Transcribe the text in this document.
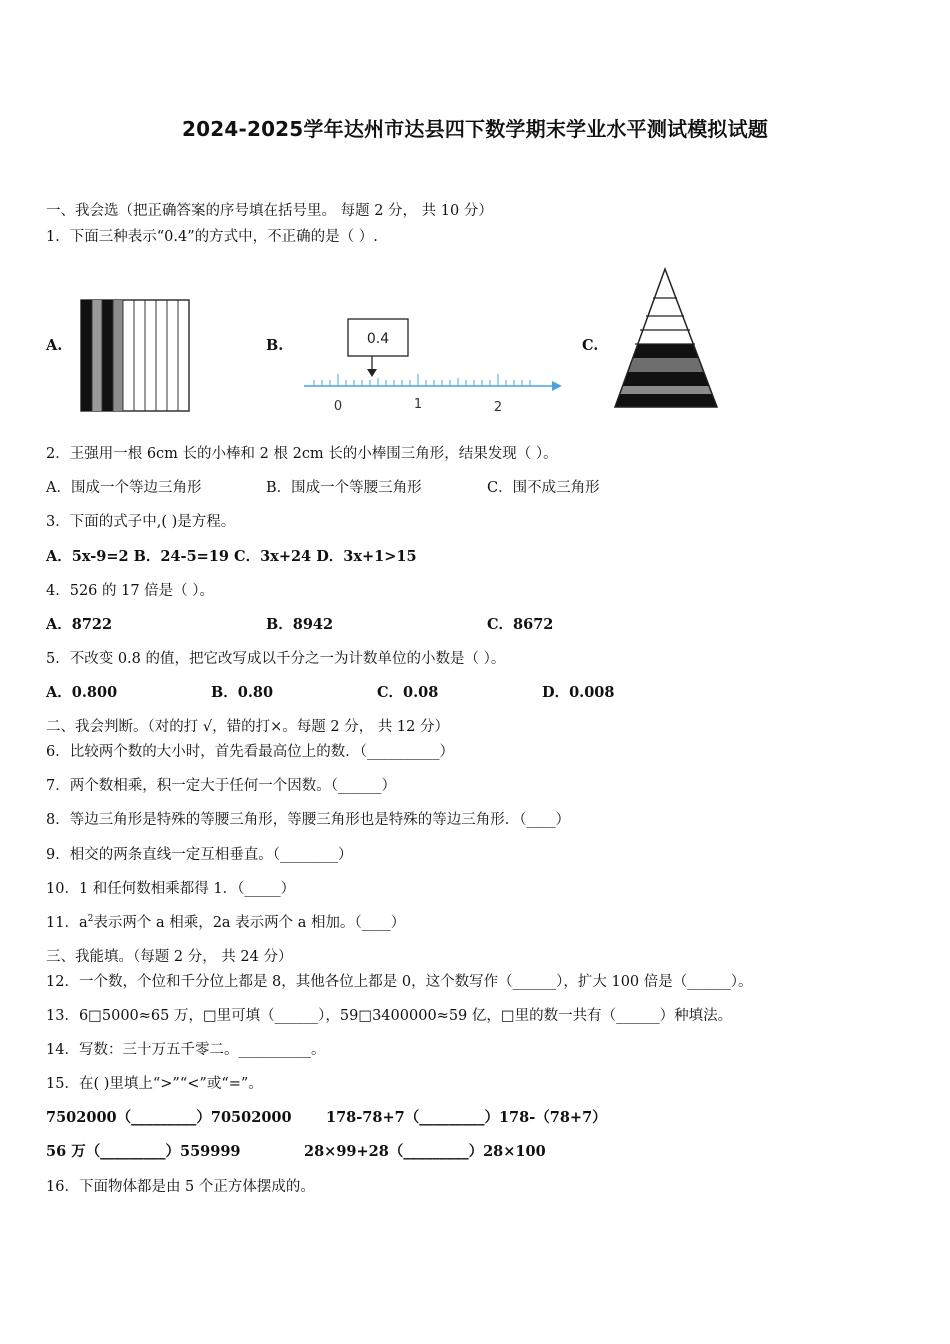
2024-2025学年达州市达县四下数学期末学业水平测试模拟试题
一、我会选（把正确答案的序号填在括号里。 每题 2 分， 共 10 分）
1．下面三种表示“0.4”的方式中，不正确的是（ ）.
A.	B.	0.4
0	1	2
C.
2．王强用一根 6cm 长的小棒和 2 根 2cm 长的小棒围三角形，结果发现（ ）。
A．围成一个等边三角形	B．围成一个等腰三角形	C．围不成三角形
3．下面的式子中,( )是方程。
A．5x-9=2 B．24-5=19 C．3x+24 D．3x+1>15
4．526 的 17 倍是（ ）。
A．8722	B．8942	C．8672
5．不改变 0.8 的值，把它改写成以千分之一为计数单位的小数是（ ）。
A．0.800	B．0.80	C．0.08	D．0.008
二、我会判断。（对的打 √，错的打×。每题 2 分， 共 12 分）
6．比较两个数的大小时，首先看最高位上的数．（__________）
7．两个数相乘，积一定大于任何一个因数。（______）
8．等边三角形是特殊的等腰三角形，等腰三角形也是特殊的等边三角形．（____）
9．相交的两条直线一定互相垂直。（________）
10．1 和任何数相乘都得 1．（_____）
11．$a^2$表示两个 a 相乘，2a 表示两个 a 相加。（____）
三、我能填。（每题 2 分， 共 24 分）
12．一个数，个位和千分位上都是 8，其他各位上都是 0，这个数写作（______），扩大 100 倍是（______）。
13．6□5000≈65 万，□里可填（______），59□3400000≈59 亿，□里的数一共有（______）种填法。
14．写数：三十万五千零二。__________。
15．在( )里填上“>”“<”或“=”。
7502000（_________）70502000 178-78+7（_________）178-（78+7）
56 万（_________）559999	28×99+28（_________）28×100
16．下面物体都是由 5 个正方体摆成的。
